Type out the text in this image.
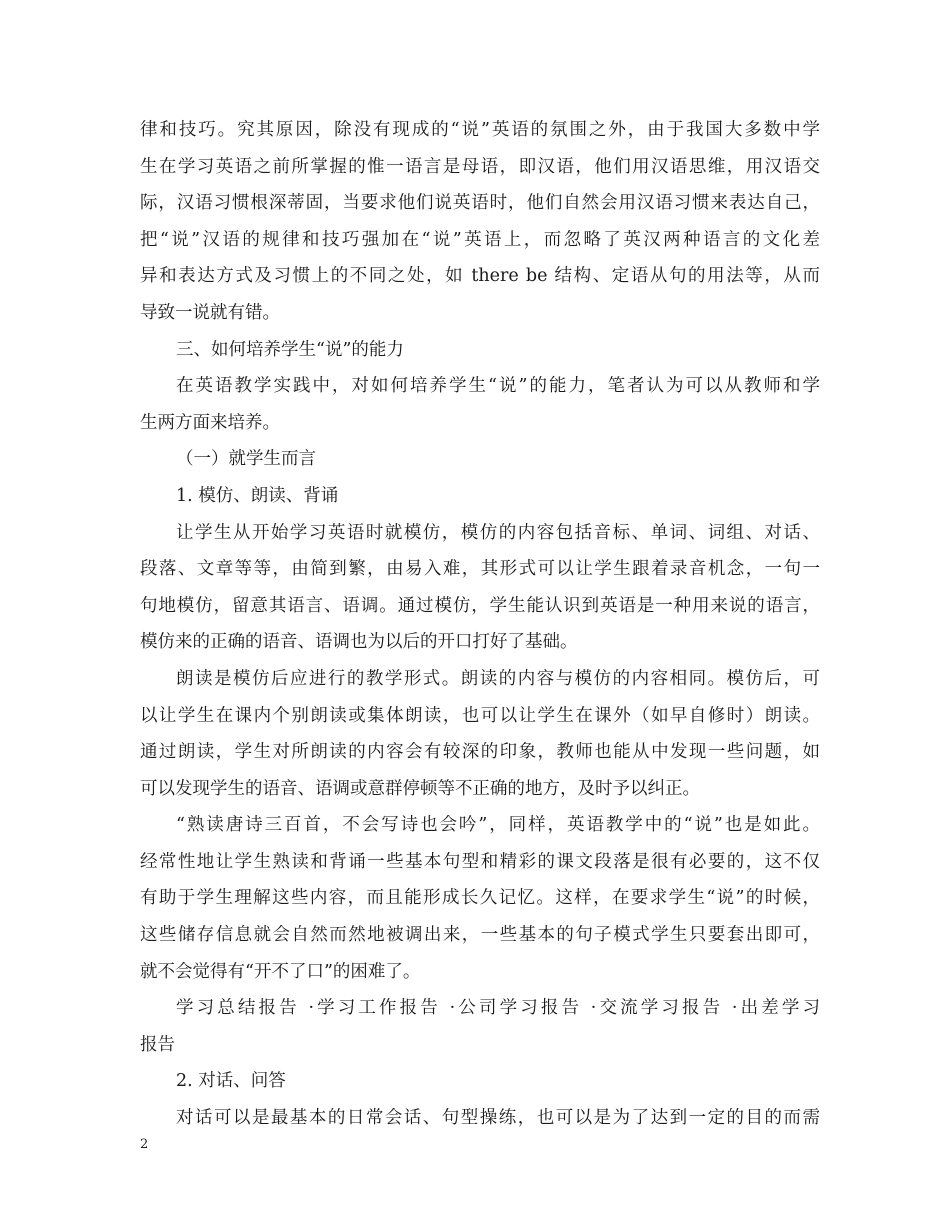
律和技巧。究其原因，除没有现成的“说”英语的氛围之外，由于我国大多数中学
生在学习英语之前所掌握的惟一语言是母语，即汉语，他们用汉语思维，用汉语交
际，汉语习惯根深蒂固，当要求他们说英语时，他们自然会用汉语习惯来表达自己，
把“说”汉语的规律和技巧强加在“说”英语上，而忽略了英汉两种语言的文化差
异和表达方式及习惯上的不同之处，如 there be 结构、定语从句的用法等，从而
导致一说就有错。
三、如何培养学生“说”的能力
在英语教学实践中，对如何培养学生“说”的能力，笔者认为可以从教师和学
生两方面来培养。
（一）就学生而言
1. 模仿、朗读、背诵
让学生从开始学习英语时就模仿，模仿的内容包括音标、单词、词组、对话、
段落、文章等等，由简到繁，由易入难，其形式可以让学生跟着录音机念，一句一
句地模仿，留意其语言、语调。通过模仿，学生能认识到英语是一种用来说的语言，
模仿来的正确的语音、语调也为以后的开口打好了基础。
朗读是模仿后应进行的教学形式。朗读的内容与模仿的内容相同。模仿后，可
以让学生在课内个别朗读或集体朗读，也可以让学生在课外（如早自修时）朗读。
通过朗读，学生对所朗读的内容会有较深的印象，教师也能从中发现一些问题，如
可以发现学生的语音、语调或意群停顿等不正确的地方，及时予以纠正。
“熟读唐诗三百首，不会写诗也会吟”，同样，英语教学中的“说”也是如此。
经常性地让学生熟读和背诵一些基本句型和精彩的课文段落是很有必要的，这不仅
有助于学生理解这些内容，而且能形成长久记忆。这样，在要求学生“说”的时候，
这些储存信息就会自然而然地被调出来，一些基本的句子模式学生只要套出即可，
就不会觉得有“开不了口”的困难了。
学习总结报告 ·学习工作报告 ·公司学习报告 ·交流学习报告 ·出差学习
报告
2. 对话、问答
对话可以是最基本的日常会话、句型操练，也可以是为了达到一定的目的而需
2
